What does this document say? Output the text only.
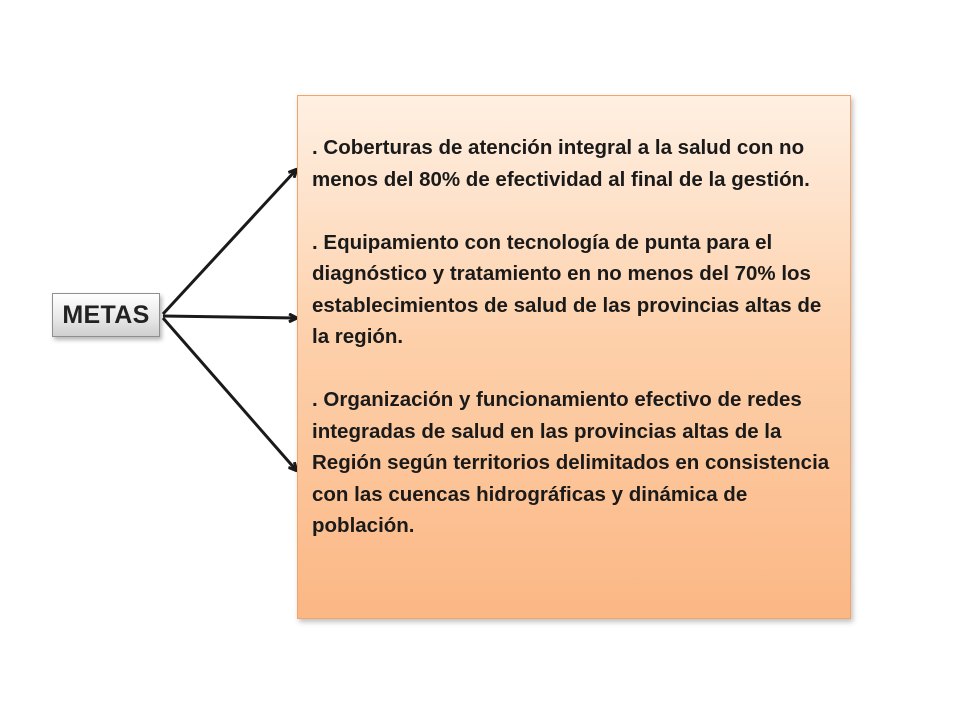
METAS

. Coberturas de atención integral a la salud con no menos del 80% de efectividad al final de la gestión.

. Equipamiento con tecnología de punta para el diagnóstico y tratamiento en no menos del 70% los establecimientos de salud de las provincias altas de la región.

. Organización y funcionamiento efectivo de redes integradas de salud en las provincias altas de la Región según territorios delimitados en consistencia con las cuencas hidrográficas y dinámica de población.
